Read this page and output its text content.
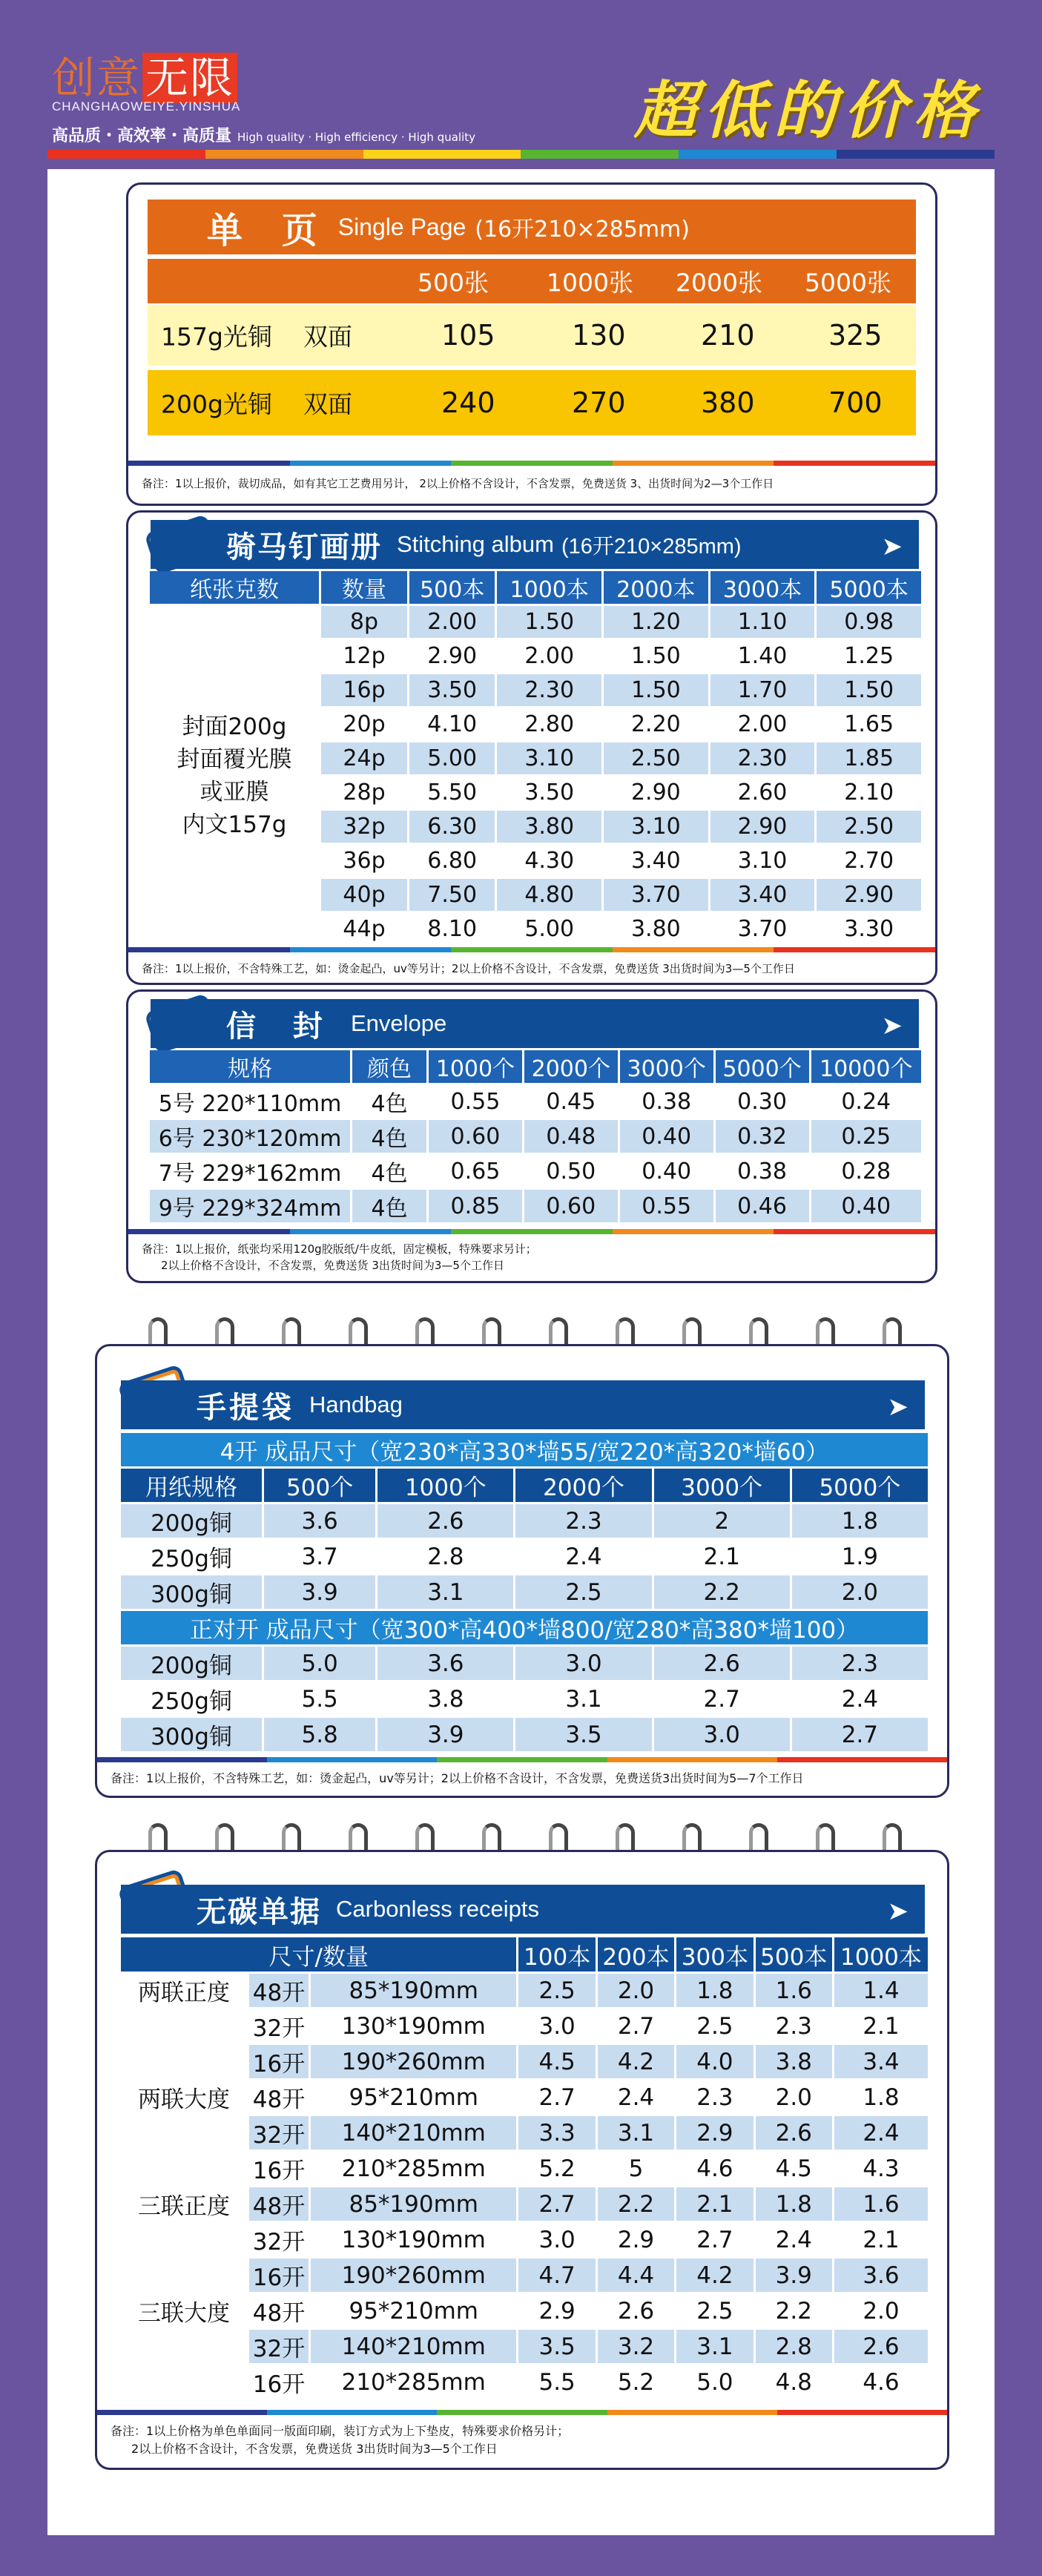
创意 无限
CHANGHAOWEIYE.YINSHUA
高品质・高效率・高质量 High quality · High efficiency · High quality	超低的价格
单 页 Single Page (16开210×285mm)
500张 1000张 2000张 5000张
157g光铜 双面	105	130	210	325
200g光铜 双面	240	270	380	700
备注：1以上报价，裁切成品，如有其它工艺费用另计， 2以上价格不含设计，不含发票，免费送货 3、出货时间为2—3个工作日
骑马钉画册 Stitching album (16开210×285mm)	➤
纸张克数	数量	500本	1000本	2000本	3000本	5000本

封面200g
封面覆光膜
或亚膜
内文157g	8p	2.00	1.50	1.20	1.10	0.98
	12p	2.90	2.00	1.50	1.40	1.25
	16p	3.50	2.30	1.50	1.70	1.50
	20p	4.10	2.80	2.20	2.00	1.65
	24p	5.00	3.10	2.50	2.30	1.85
	28p	5.50	3.50	2.90	2.60	2.10
	32p	6.30	3.80	3.10	2.90	2.50
	36p	6.80	4.30	3.40	3.10	2.70
	40p	7.50	4.80	3.70	3.40	2.90
	44p	8.10	5.00	3.80	3.70	3.30
备注：1以上报价，不含特殊工艺，如：烫金起凸，uv等另计；2以上价格不含设计，不含发票，免费送货 3出货时间为3—5个工作日
信 封 Envelope	➤
规格	颜色	1000个	2000个	3000个	5000个	10000个
5号 220*110mm	4色	0.55	0.45	0.38	0.30	0.24
6号 230*120mm	4色	0.60	0.48	0.40	0.32	0.25
7号 229*162mm	4色	0.65	0.50	0.40	0.38	0.28
9号 229*324mm	4色	0.85	0.60	0.55	0.46	0.40
备注：1以上报价，纸张均采用120g胶版纸/牛皮纸，固定模板，特殊要求另计；
2以上价格不含设计，不含发票，免费送货 3出货时间为3—5个工作日
手提袋 Handbag	➤
4开 成品尺寸（宽230*高330*墙55/宽220*高320*墙60）					
用纸规格	500个	1000个	2000个	3000个	5000个
200g铜	3.6	2.6	2.3	2	1.8
250g铜	3.7	2.8	2.4	2.1	1.9
300g铜	3.9	3.1	2.5	2.2	2.0
正对开 成品尺寸（宽300*高400*墙800/宽280*高380*墙100）					
200g铜	5.0	3.6	3.0	2.6	2.3
250g铜	5.5	3.8	3.1	2.7	2.4
300g铜	5.8	3.9	3.5	3.0	2.7
备注：1以上报价，不含特殊工艺，如：烫金起凸，uv等另计；2以上价格不含设计，不含发票，免费送货3出货时间为5—7个工作日
无碳单据 Carbonless receipts	➤
尺寸/数量			100本	200本	300本	500本	1000本
两联正度	48开	85*190mm	2.5	2.0	1.8	1.6	1.4
	32开	130*190mm	3.0	2.7	2.5	2.3	2.1
	16开	190*260mm	4.5	4.2	4.0	3.8	3.4
两联大度	48开	95*210mm	2.7	2.4	2.3	2.0	1.8
	32开	140*210mm	3.3	3.1	2.9	2.6	2.4
	16开	210*285mm	5.2	5	4.6	4.5	4.3
三联正度	48开	85*190mm	2.7	2.2	2.1	1.8	1.6
	32开	130*190mm	3.0	2.9	2.7	2.4	2.1
	16开	190*260mm	4.7	4.4	4.2	3.9	3.6
三联大度	48开	95*210mm	2.9	2.6	2.5	2.2	2.0
	32开	140*210mm	3.5	3.2	3.1	2.8	2.6
	16开	210*285mm	5.5	5.2	5.0	4.8	4.6
备注：1以上价格为单色单面同一版面印刷，装订方式为上下垫皮，特殊要求价格另计；
2以上价格不含设计，不含发票，免费送货 3出货时间为3—5个工作日
